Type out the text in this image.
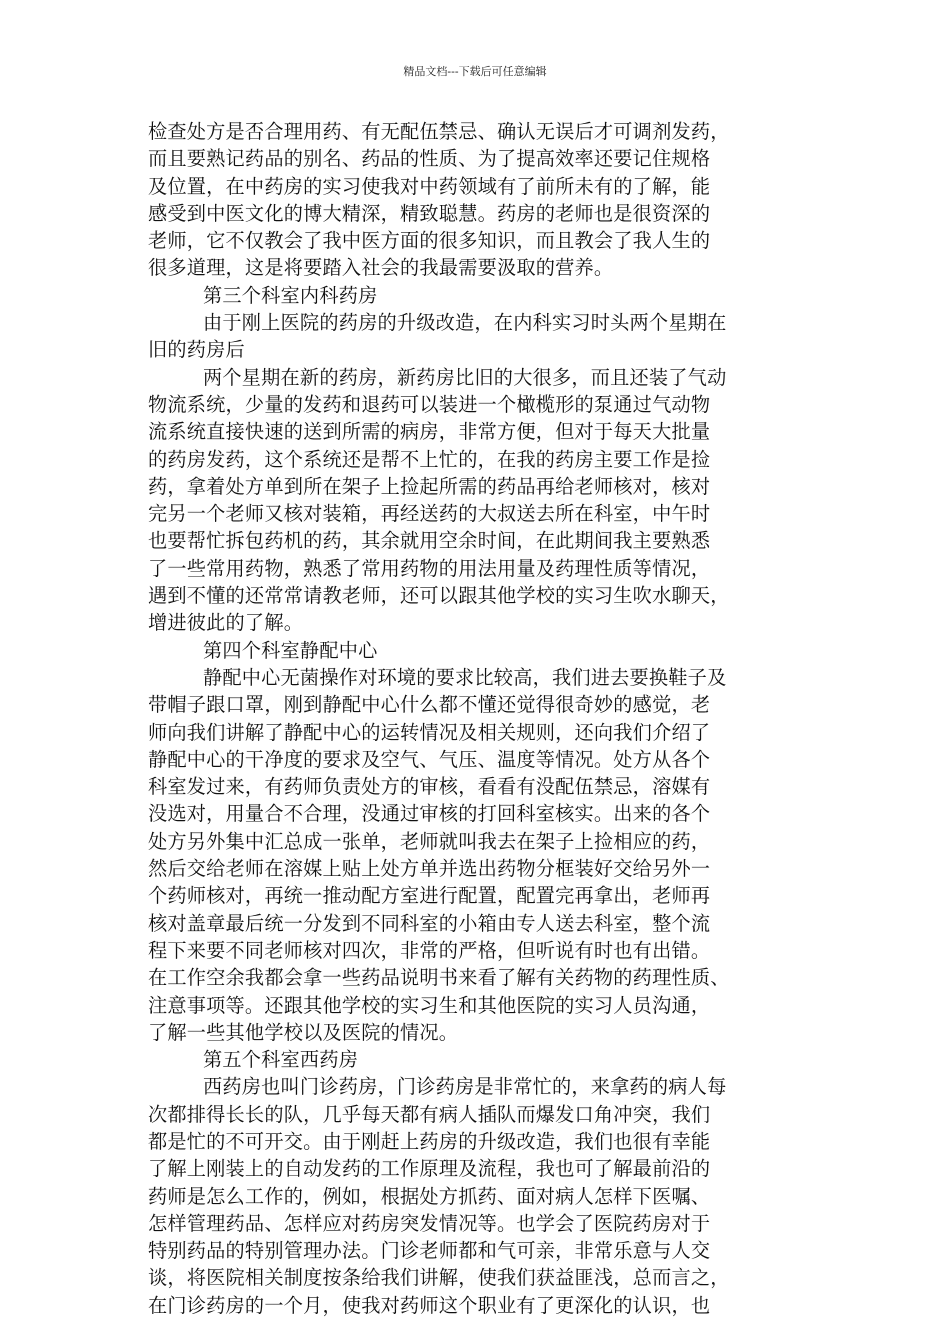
精品文档---下载后可任意编辑
检查处方是否合理用药、有无配伍禁忌、确认无误后才可调剂发药，
而且要熟记药品的别名、药品的性质、为了提高效率还要记住规格
及位置，在中药房的实习使我对中药领域有了前所未有的了解，能
感受到中医文化的博大精深，精致聪慧。药房的老师也是很资深的
老师，它不仅教会了我中医方面的很多知识，而且教会了我人生的
很多道理，这是将要踏入社会的我最需要汲取的营养。
第三个科室内科药房
由于刚上医院的药房的升级改造，在内科实习时头两个星期在
旧的药房后
两个星期在新的药房，新药房比旧的大很多，而且还装了气动
物流系统，少量的发药和退药可以装进一个橄榄形的泵通过气动物
流系统直接快速的送到所需的病房，非常方便，但对于每天大批量
的药房发药，这个系统还是帮不上忙的，在我的药房主要工作是捡
药，拿着处方单到所在架子上捡起所需的药品再给老师核对，核对
完另一个老师又核对装箱，再经送药的大叔送去所在科室，中午时
也要帮忙拆包药机的药，其余就用空余时间，在此期间我主要熟悉
了一些常用药物，熟悉了常用药物的用法用量及药理性质等情况，
遇到不懂的还常常请教老师，还可以跟其他学校的实习生吹水聊天，
增进彼此的了解。
第四个科室静配中心
静配中心无菌操作对环境的要求比较高，我们进去要换鞋子及
带帽子跟口罩，刚到静配中心什么都不懂还觉得很奇妙的感觉，老
师向我们讲解了静配中心的运转情况及相关规则，还向我们介绍了
静配中心的干净度的要求及空气、气压、温度等情况。处方从各个
科室发过来，有药师负责处方的审核，看看有没配伍禁忌，溶媒有
没选对，用量合不合理，没通过审核的打回科室核实。出来的各个
处方另外集中汇总成一张单，老师就叫我去在架子上捡相应的药，
然后交给老师在溶媒上贴上处方单并选出药物分框装好交给另外一
个药师核对，再统一推动配方室进行配置，配置完再拿出，老师再
核对盖章最后统一分发到不同科室的小箱由专人送去科室，整个流
程下来要不同老师核对四次，非常的严格，但听说有时也有出错。
在工作空余我都会拿一些药品说明书来看了解有关药物的药理性质、
注意事项等。还跟其他学校的实习生和其他医院的实习人员沟通，
了解一些其他学校以及医院的情况。
第五个科室西药房
西药房也叫门诊药房，门诊药房是非常忙的，来拿药的病人每
次都排得长长的队，几乎每天都有病人插队而爆发口角冲突，我们
都是忙的不可开交。由于刚赶上药房的升级改造，我们也很有幸能
了解上刚装上的自动发药的工作原理及流程，我也可了解最前沿的
药师是怎么工作的，例如，根据处方抓药、面对病人怎样下医嘱、
怎样管理药品、怎样应对药房突发情况等。也学会了医院药房对于
特别药品的特别管理办法。门诊老师都和气可亲，非常乐意与人交
谈，将医院相关制度按条给我们讲解，使我们获益匪浅，总而言之，
在门诊药房的一个月，使我对药师这个职业有了更深化的认识，也
